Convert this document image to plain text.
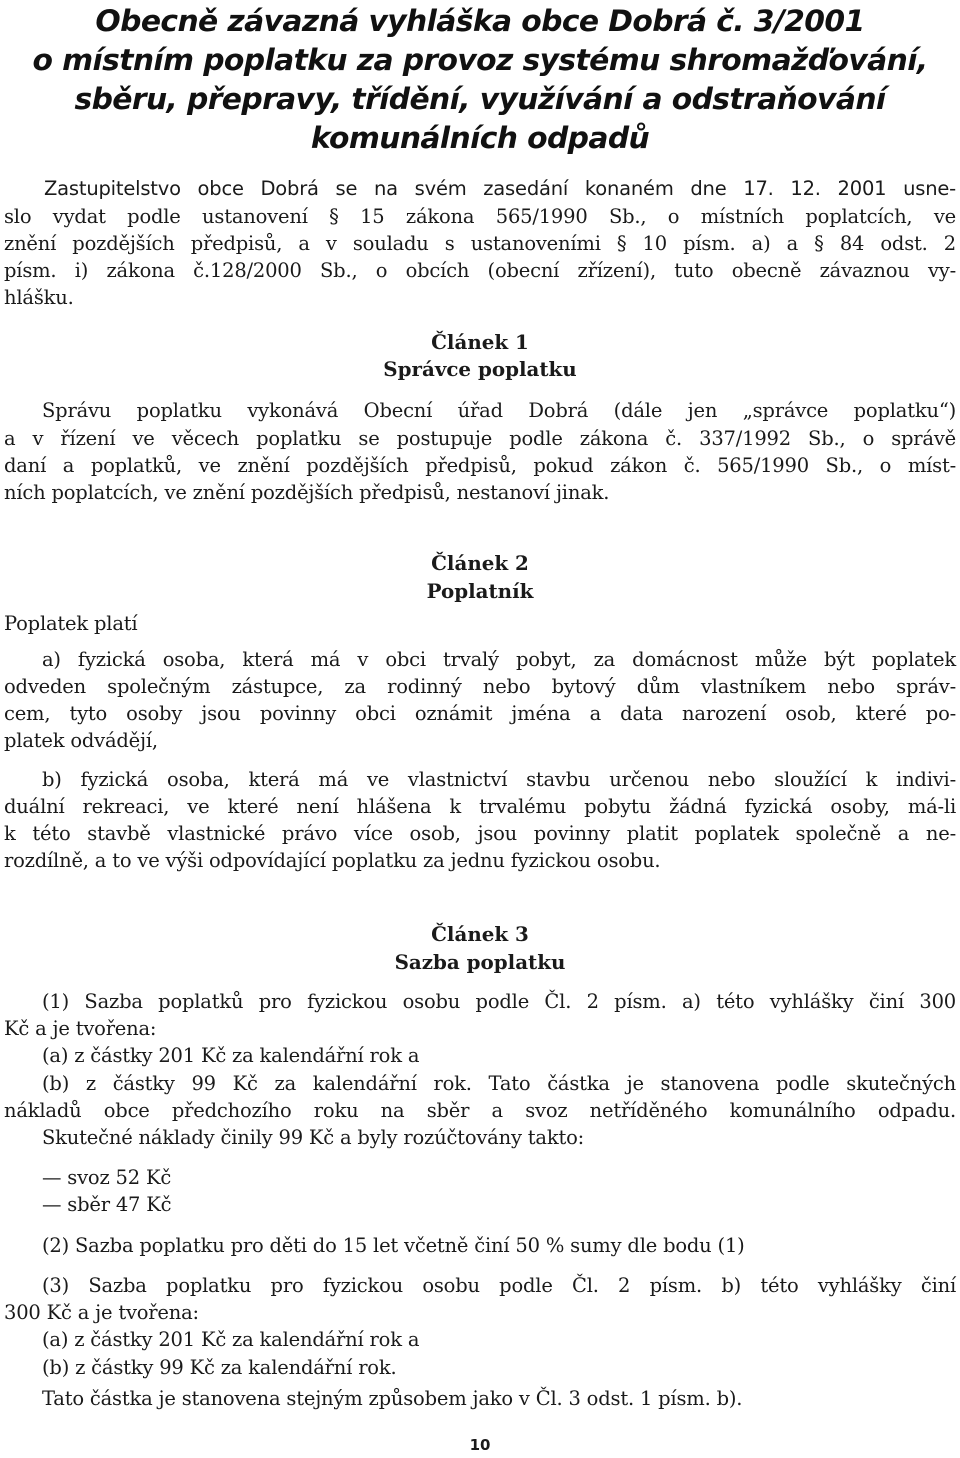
Obecně závazná vyhláška obce Dobrá č. 3/2001
o místním poplatku za provoz systému shromažďování,
sběru, přepravy, třídění, využívání a odstraňování
komunálních odpadů
Zastupitelstvo obce Dobrá se na svém zasedání konaném dne 17. 12. 2001 usne-
slo vydat podle ustanovení § 15 zákona 565/1990 Sb., o místních poplatcích, ve
znění pozdějších předpisů, a v souladu s ustanoveními § 10 písm. a) a § 84 odst. 2
písm. i) zákona č.128/2000 Sb., o obcích (obecní zřízení), tuto obecně závaznou vy-
hlášku.
Článek 1
Správce poplatku
Správu poplatku vykonává Obecní úřad Dobrá (dále jen „správce poplatku“)
a v řízení ve věcech poplatku se postupuje podle zákona č. 337/1992 Sb., o správě
daní a poplatků, ve znění pozdějších předpisů, pokud zákon č. 565/1990 Sb., o míst-
ních poplatcích, ve znění pozdějších předpisů, nestanoví jinak.
Článek 2
Poplatník
Poplatek platí
a) fyzická osoba, která má v obci trvalý pobyt, za domácnost může být poplatek
odveden společným zástupce, za rodinný nebo bytový dům vlastníkem nebo správ-
cem, tyto osoby jsou povinny obci oznámit jména a data narození osob, které po-
platek odvádějí,
b) fyzická osoba, která má ve vlastnictví stavbu určenou nebo sloužící k indivi-
duální rekreaci, ve které není hlášena k trvalému pobytu žádná fyzická osoby, má-li
k této stavbě vlastnické právo více osob, jsou povinny platit poplatek společně a ne-
rozdílně, a to ve výši odpovídající poplatku za jednu fyzickou osobu.
Článek 3
Sazba poplatku
(1) Sazba poplatků pro fyzickou osobu podle Čl. 2 písm. a) této vyhlášky činí 300
Kč a je tvořena:
(a) z částky 201 Kč za kalendářní rok a
(b) z částky 99 Kč za kalendářní rok. Tato částka je stanovena podle skutečných
nákladů obce předchozího roku na sběr a svoz netříděného komunálního odpadu.
Skutečné náklady činily 99 Kč a byly rozúčtovány takto:
— svoz 52 Kč
— sběr 47 Kč
(2) Sazba poplatku pro děti do 15 let včetně činí 50 % sumy dle bodu (1)
(3) Sazba poplatku pro fyzickou osobu podle Čl. 2 písm. b) této vyhlášky činí
300 Kč a je tvořena:
(a) z částky 201 Kč za kalendářní rok a
(b) z částky 99 Kč za kalendářní rok.
Tato částka je stanovena stejným způsobem jako v Čl. 3 odst. 1 písm. b).
10
